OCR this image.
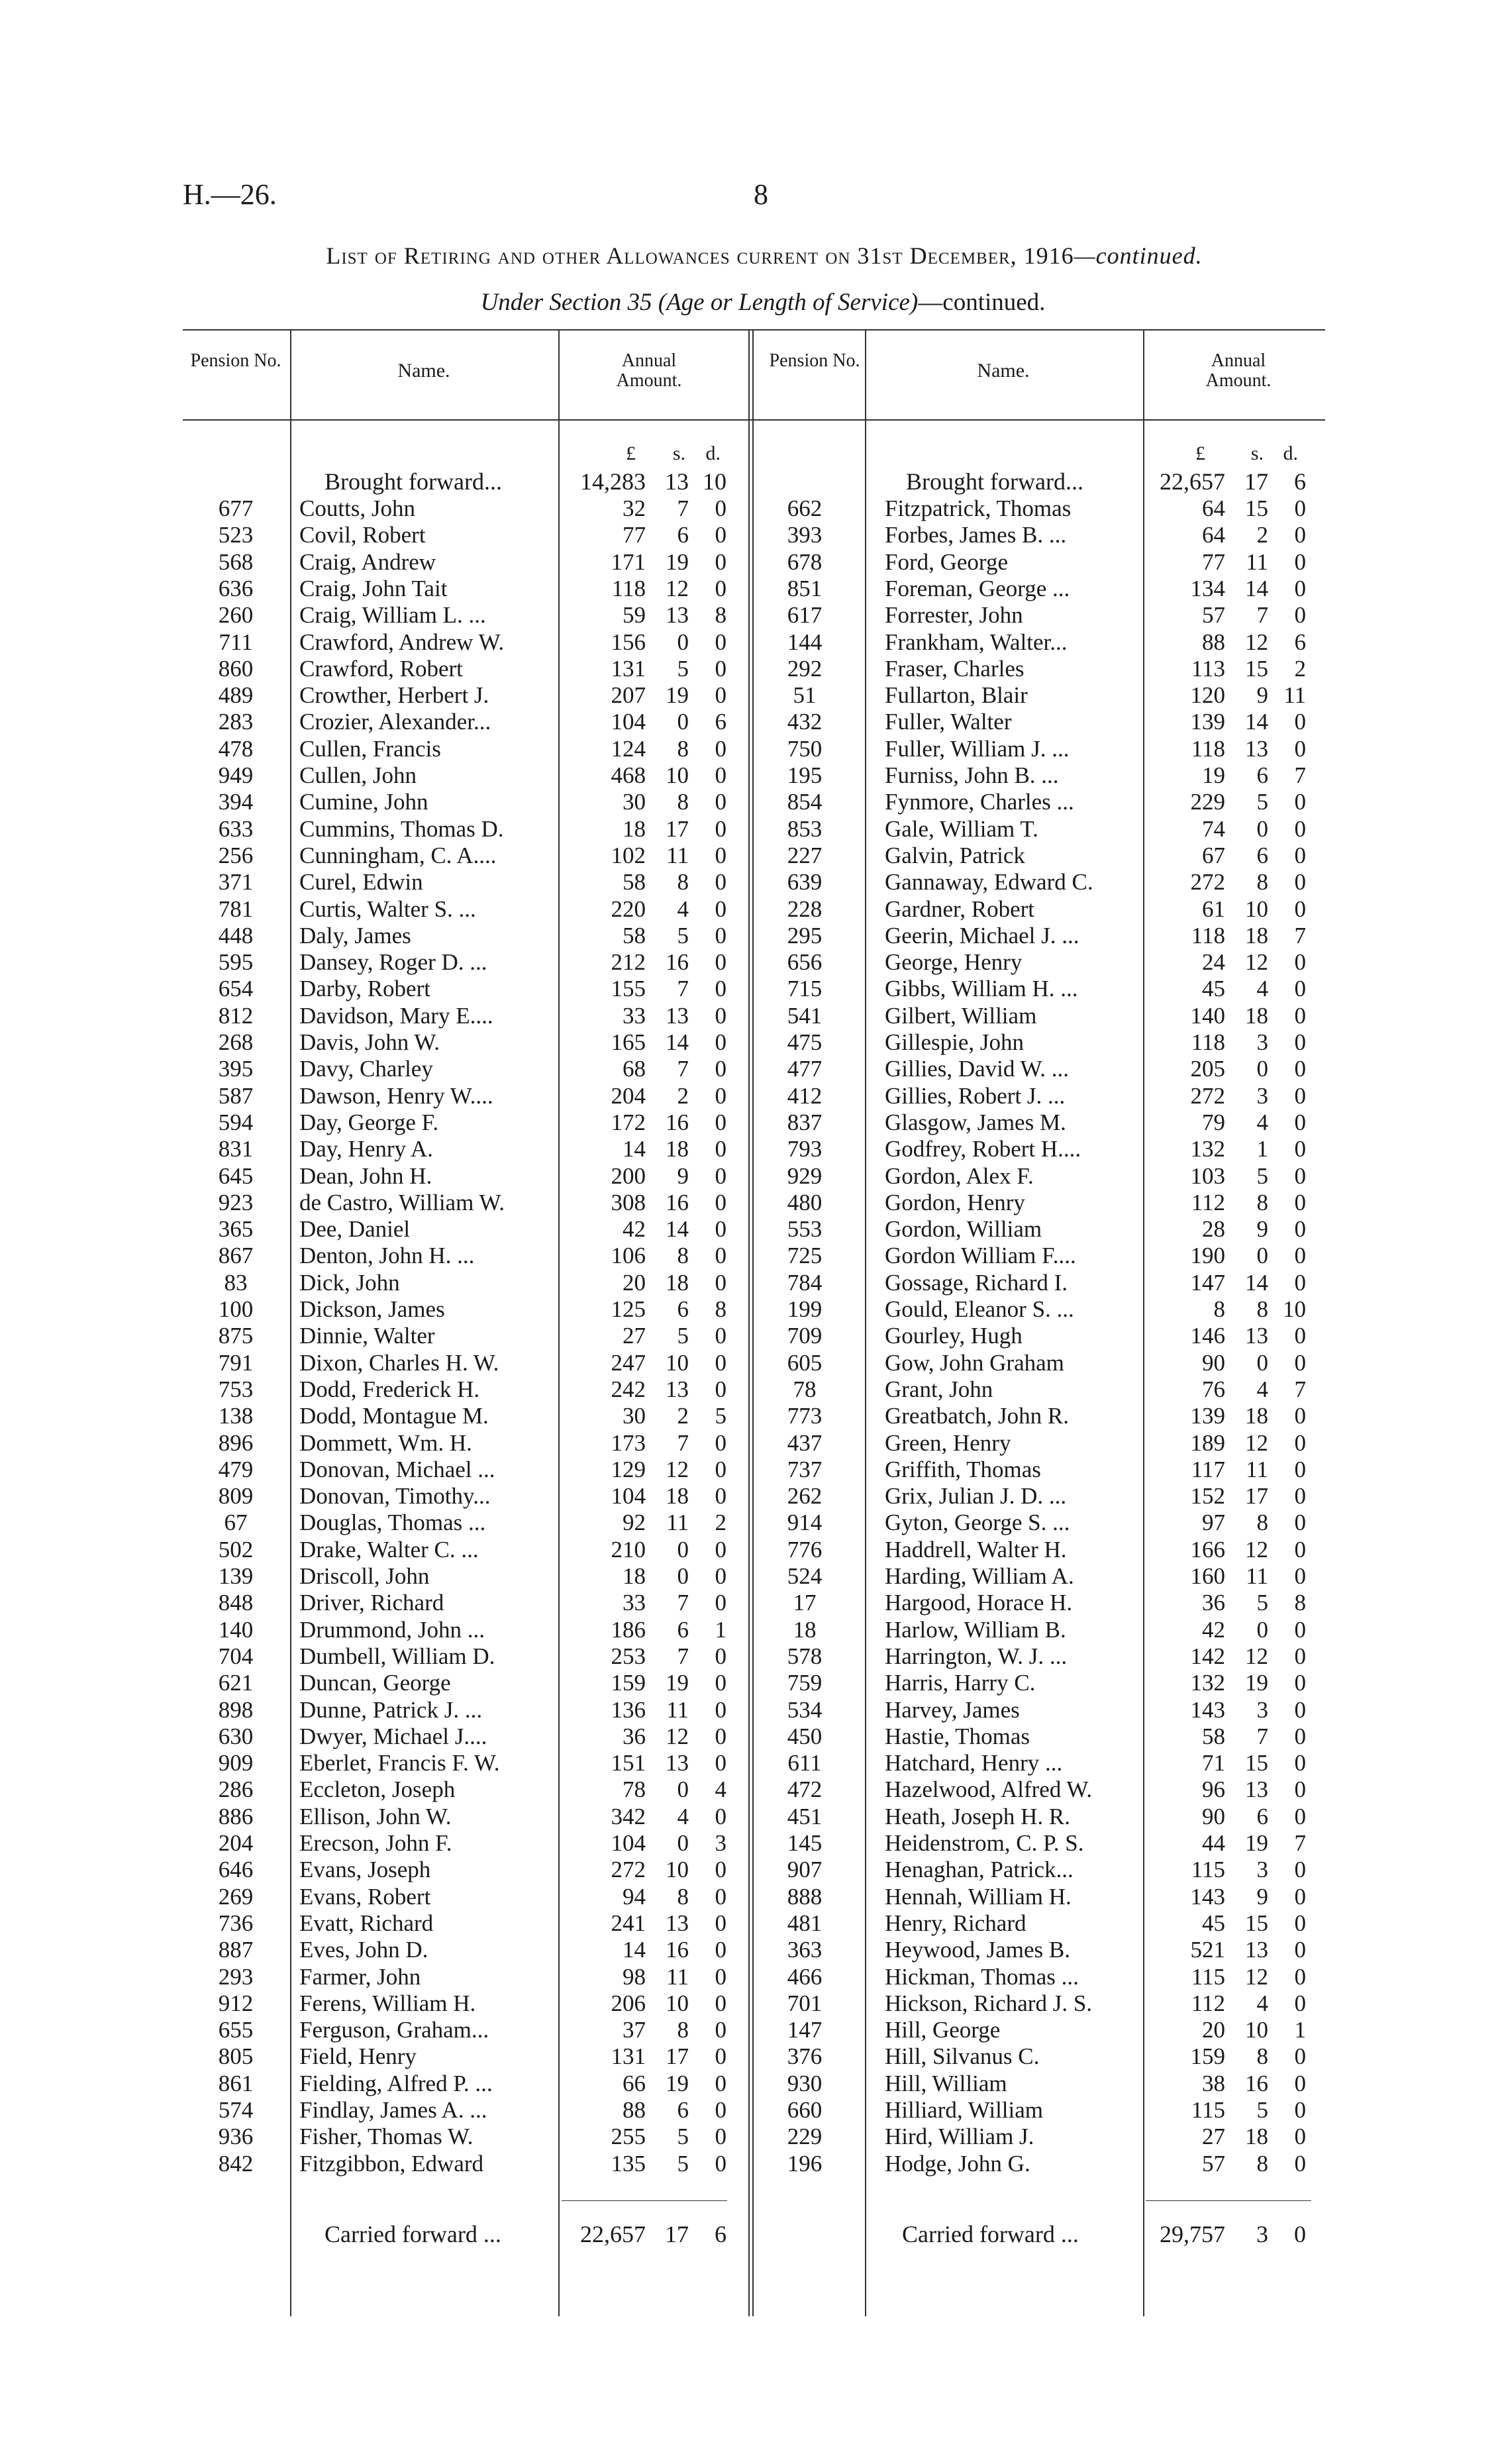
H.—26.	8
List of Retiring and other Allowances current on 31st December, 1916—continued.
Under Section 35 (Age or Length of Service)—continued.
Pension No.	Name.	Annual Amount.
Pension No.	Name.	Annual Amount.
£	s.	d.	£	s. d.
Brought forward...	14,283 13 10	Brought forward...	22,657 17	6
677	Coutts, John	32	7	0
523	Covil, Robert	77	6	0
568	Craig, Andrew	171 19	0
636	Craig, John Tait	118 12	0
260	Craig, William L. ...	59 13	8
711	Crawford, Andrew W.	156	0	0
860	Crawford, Robert	131	5	0
489	Crowther, Herbert J.	207 19	0
283	Crozier, Alexander...	104	0	6
478	Cullen, Francis	124	8	0
949	Cullen, John	468 10	0
394	Cumine, John	30	8	0
633	Cummins, Thomas D.	18 17	0
256	Cunningham, C. A....	102 11	0
371	Curel, Edwin	58	8	0
781	Curtis, Walter S. ...	220	4	0
448	Daly, James	58	5	0
595	Dansey, Roger D. ...	212 16	0
654	Darby, Robert	155	7	0
812	Davidson, Mary E....	33 13	0
268	Davis, John W.	165 14	0
395	Davy, Charley	68	7	0
587	Dawson, Henry W....	204	2	0
594	Day, George F.	172 16	0
831	Day, Henry A.	14 18	0
645	Dean, John H.	200	9	0
923	de Castro, William W.	308 16	0
365	Dee, Daniel	42 14	0
867	Denton, John H. ...	106	8	0
83	Dick, John	20 18	0
100	Dickson, James	125	6	8
875	Dinnie, Walter	27	5	0
791	Dixon, Charles H. W.	247 10	0
753	Dodd, Frederick H.	242 13	0
138	Dodd, Montague M.	30	2	5
896	Dommett, Wm. H.	173	7	0
479	Donovan, Michael ...	129 12	0
809	Donovan, Timothy...	104 18	0
67	Douglas, Thomas ...	92 11	2
502	Drake, Walter C. ...	210	0	0
139	Driscoll, John	18	0	0
848	Driver, Richard	33	7	0
140	Drummond, John ...	186	6	1
704	Dumbell, William D.	253	7	0
621	Duncan, George	159 19	0
898	Dunne, Patrick J. ...	136 11	0
630	Dwyer, Michael J....	36 12	0
909	Eberlet, Francis F. W.	151 13	0
286	Eccleton, Joseph	78	0	4
886	Ellison, John W.	342	4	0
204	Erecson, John F.	104	0	3
646	Evans, Joseph	272 10	0
269	Evans, Robert	94	8	0
736	Evatt, Richard	241 13	0
887	Eves, John D.	14 16	0
293	Farmer, John	98 11	0
912	Ferens, William H.	206 10	0
655	Ferguson, Graham...	37	8	0
805	Field, Henry	131 17	0
861	Fielding, Alfred P. ...	66 19	0
574	Findlay, James A. ...	88	6	0
936	Fisher, Thomas W.	255	5	0
842	Fitzgibbon, Edward	135	5	0
662	Fitzpatrick, Thomas	64 15	0
393	Forbes, James B. ...	64	2	0
678	Ford, George	77 11	0
851	Foreman, George ...	134 14	0
617	Forrester, John	57	7	0
144	Frankham, Walter...	88 12	6
292	Fraser, Charles	113 15	2
51	Fullarton, Blair	120	9 11
432	Fuller, Walter	139 14	0
750	Fuller, William J. ...	118 13	0
195	Furniss, John B. ...	19	6	7
854	Fynmore, Charles ...	229	5	0
853	Gale, William T.	74	0	0
227	Galvin, Patrick	67	6	0
639	Gannaway, Edward C.	272	8	0
228	Gardner, Robert	61 10	0
295	Geerin, Michael J. ...	118 18	7
656	George, Henry	24 12	0
715	Gibbs, William H. ...	45	4	0
541	Gilbert, William	140 18	0
475	Gillespie, John	118	3	0
477	Gillies, David W. ...	205	0	0
412	Gillies, Robert J. ...	272	3	0
837	Glasgow, James M.	79	4	0
793	Godfrey, Robert H....	132	1	0
929	Gordon, Alex F.	103	5	0
480	Gordon, Henry	112	8	0
553	Gordon, William	28	9	0
725	Gordon William F....	190	0	0
784	Gossage, Richard I.	147 14	0
199	Gould, Eleanor S. ...	8	8 10
709	Gourley, Hugh	146 13	0
605	Gow, John Graham	90	0	0
78	Grant, John	76	4	7
773	Greatbatch, John R.	139 18	0
437	Green, Henry	189 12	0
737	Griffith, Thomas	117 11	0
262	Grix, Julian J. D. ...	152 17	0
914	Gyton, George S. ...	97	8	0
776	Haddrell, Walter H.	166 12	0
524	Harding, William A.	160 11	0
17	Hargood, Horace H.	36	5	8
18	Harlow, William B.	42	0	0
578	Harrington, W. J. ...	142 12	0
759	Harris, Harry C.	132 19	0
534	Harvey, James	143	3	0
450	Hastie, Thomas	58	7	0
611	Hatchard, Henry ...	71 15	0
472	Hazelwood, Alfred W.	96 13	0
451	Heath, Joseph H. R.	90	6	0
145	Heidenstrom, C. P. S.	44 19	7
907	Henaghan, Patrick...	115	3	0
888	Hennah, William H.	143	9	0
481	Henry, Richard	45 15	0
363	Heywood, James B.	521 13	0
466	Hickman, Thomas ...	115 12	0
701	Hickson, Richard J. S.	112	4	0
147	Hill, George	20 10	1
376	Hill, Silvanus C.	159	8	0
930	Hill, William	38 16	0
660	Hilliard, William	115	5	0
229	Hird, William J.	27 18	0
196	Hodge, John G.	57	8	0
Carried forward ...	22,657 17	6	Carried forward ...	29,757	3	0
